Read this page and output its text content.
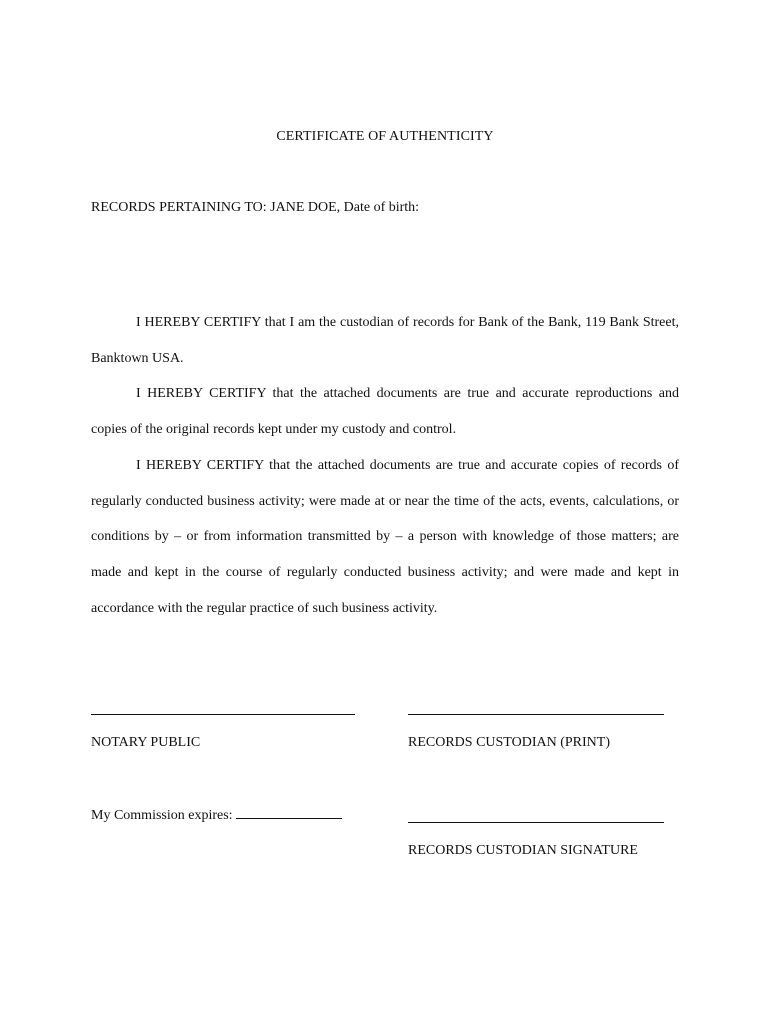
CERTIFICATE OF AUTHENTICITY
RECORDS PERTAINING TO: JANE DOE, Date of birth:

I HEREBY CERTIFY that I am the custodian of records for Bank of the Bank, 119 Bank Street, Banktown USA.

I HEREBY CERTIFY that the attached documents are true and accurate reproductions and copies of the original records kept under my custody and control.

I HEREBY CERTIFY that the attached documents are true and accurate copies of records of regularly conducted business activity; were made at or near the time of the acts, events, calculations, or conditions by – or from information transmitted by – a person with knowledge of those matters; are made and kept in the course of regularly conducted business activity; and were made and kept in accordance with the regular practice of such business activity.

NOTARY PUBLIC	RECORDS CUSTODIAN (PRINT)
My Commission expires:
RECORDS CUSTODIAN SIGNATURE
